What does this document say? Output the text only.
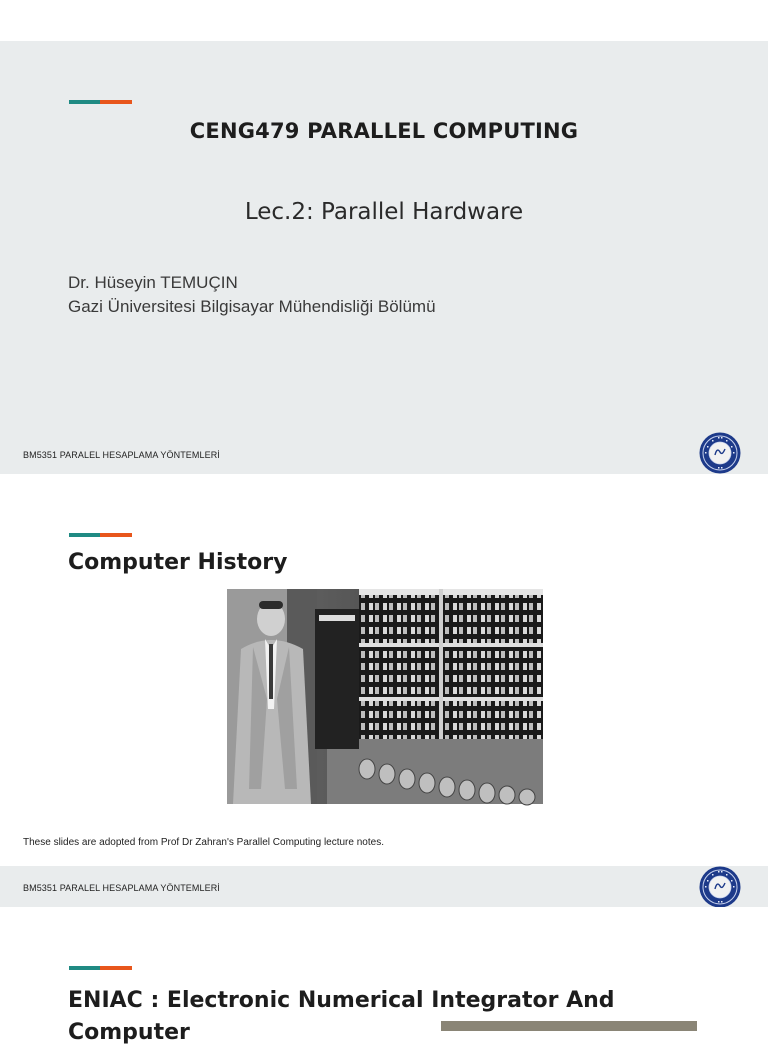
CENG479 PARALLEL COMPUTING
Lec.2: Parallel Hardware
Dr. Hüseyin TEMUÇIN
Gazi Üniversitesi Bilgisayar Mühendisliği Bölümü
BM5351 PARALEL HESAPLAMA YÖNTEMLERİ
Computer History
These slides are adopted from Prof Dr Zahran's Parallel Computing lecture notes.
BM5351 PARALEL HESAPLAMA YÖNTEMLERİ
ENIAC : Electronic Numerical Integrator And Computer
